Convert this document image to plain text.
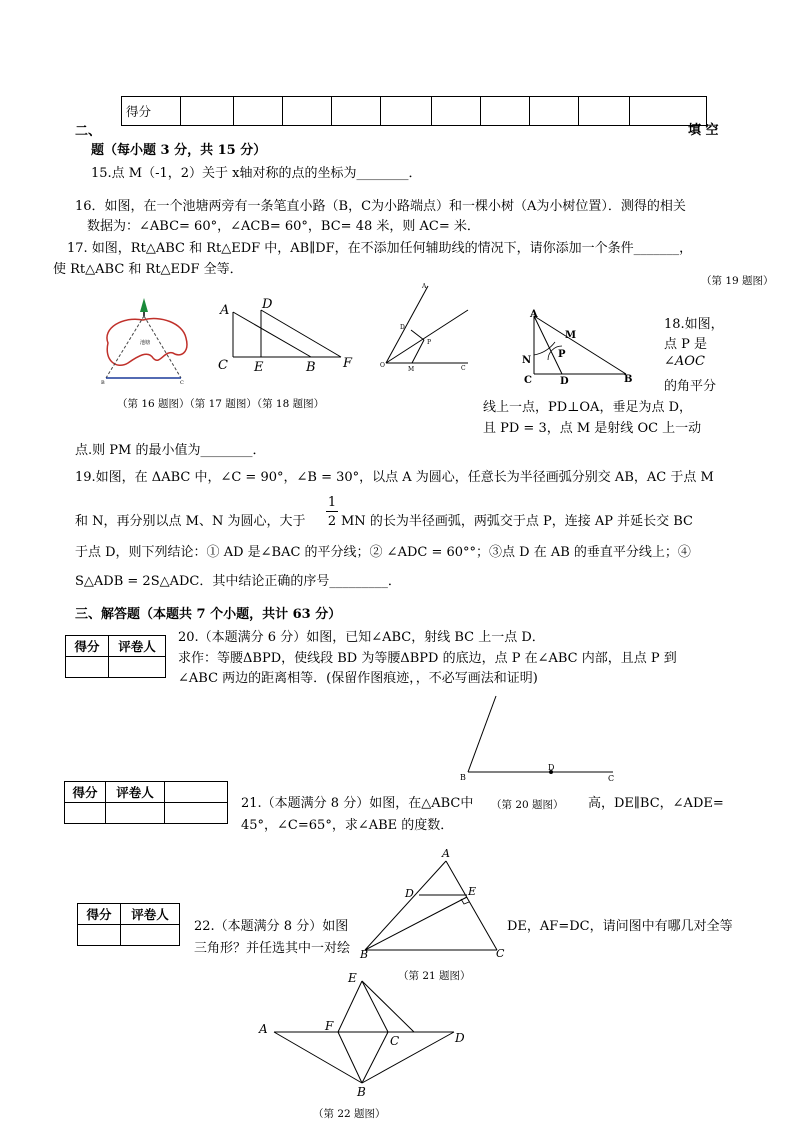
得分										
二、	填 空
题（每小题 3 分，共 15 分）
15.点 M（-1，2）关于 x轴对称的点的坐标为________．
16．如图，在一个池塘两旁有一条笔直小路（B，C为小路端点）和一棵小树（A为小树位置）．测得的相关
数据为：∠ABC= 60°，∠ACB= 60°，BC= 48 米，则 AC= 米．
17. 如图，Rt△ABC 和 Rt△EDF 中，AB∥DF，在不添加任何辅助线的情况下，请你添加一个条件_______，
使 Rt△ABC 和 Rt△EDF 全等．
（第 19 题图）
池塘
B	C
A	D
C E	B F
A
D
P
O
M	C
A
M
N
P
C	D	B
（第 16 题图）（第 17 题图）（第 18 题图）
18.如图，
点 P 是
∠AOC
的角平分
线上一点，PD⊥OA，垂足为点 D，
且 PD = 3，点 M 是射线 OC 上一动
点.则 PM 的最小值为________．
19.如图，在 ΔABC 中，∠C = 90°，∠B = 30°，以点 A 为圆心，任意长为半径画弧分别交 AB，AC 于点 M
和 N，再分别以点 M、N 为圆心，大于 $\frac{1}{2}$ MN 的长为半径画弧，两弧交于点 P，连接 AP 并延长交 BC
于点 D，则下列结论：① AD 是∠BAC 的平分线；② ∠ADC = 60°°；③点 D 在 AB 的垂直平分线上；④
S△ADB = 2S△ADC．其中结论正确的序号_________．
三、解答题（本题共 7 个小题，共计 63 分）
得分	评卷人

20.（本题满分 6 分）如图，已知∠ABC，射线 BC 上一点 D．
求作：等腰ΔBPD，使线段 BD 为等腰ΔBPD 的底边，点 P 在∠ABC 内部，且点 P 到
∠ABC 两边的距离相等．(保留作图痕迹，，不必写画法和证明)
B
D
C
得分	评卷人	

21.（本题满分 8 分）如图，在△ABC中 （第 20 题图） 高，DE∥BC，∠ADE=
45°，∠C=65°，求∠ABE 的度数．
A
D	E
B	C
得分	评卷人

22.（本题满分 8 分）如图	DE，AF=DC，请问图中有哪几对全等
三角形？并任选其中一对绘
（第 21 题图）
E
A	F
C	D
B
（第 22 题图）
